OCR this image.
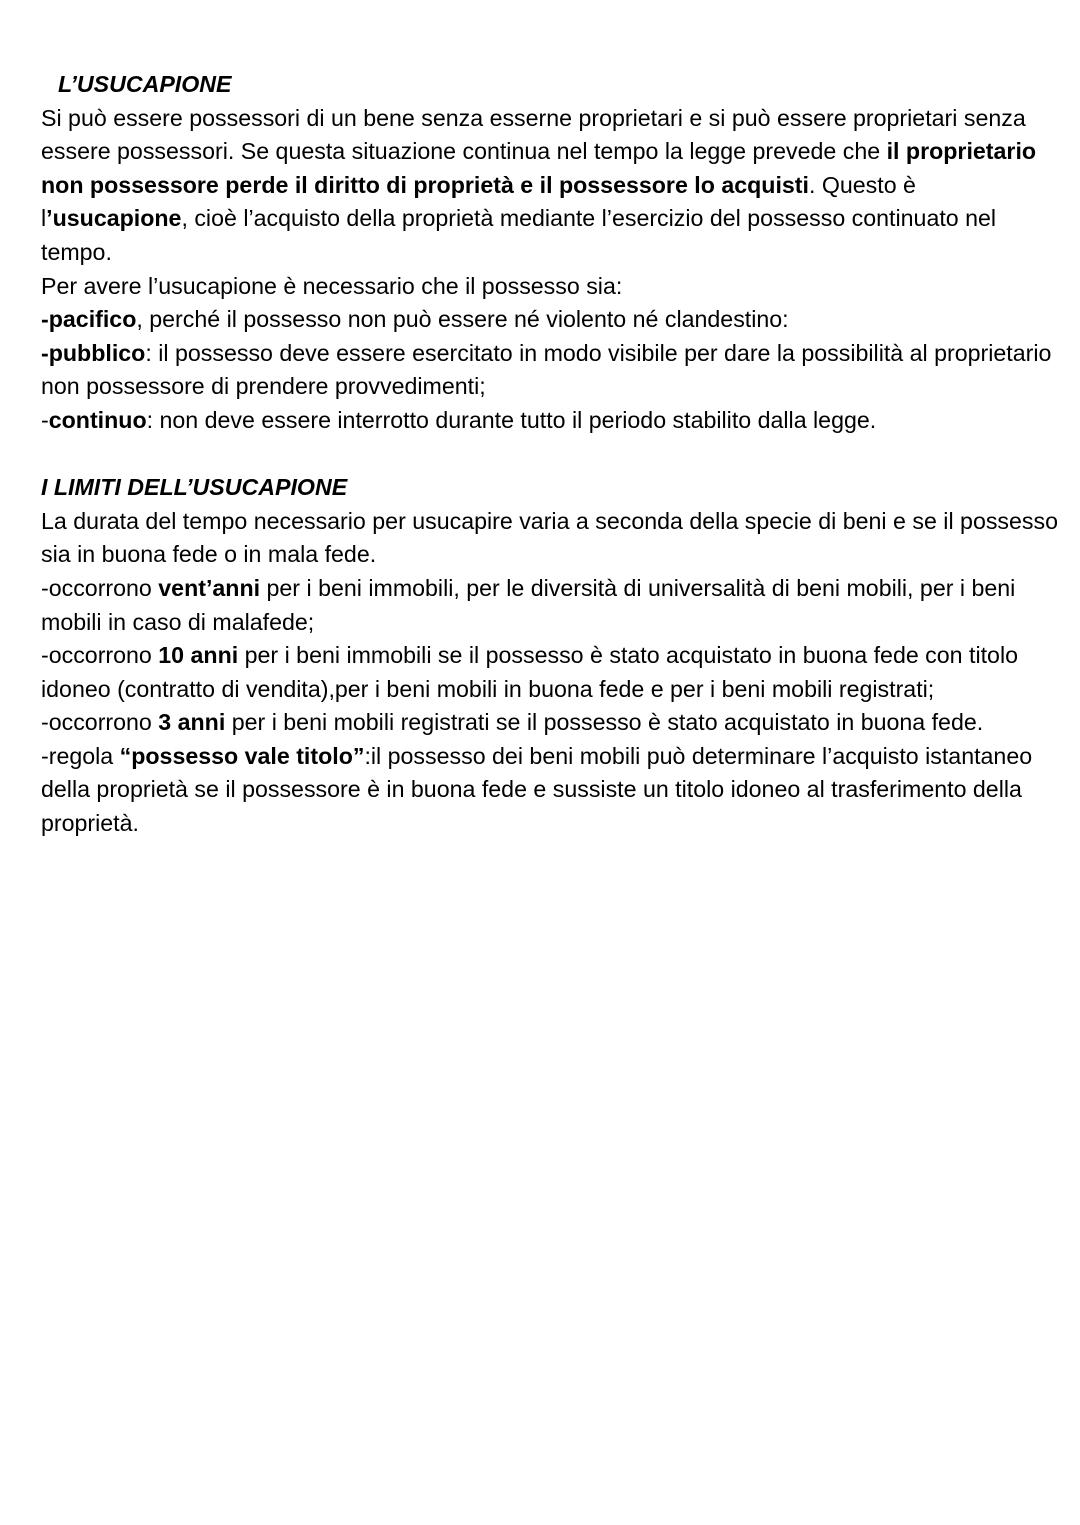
L’USUCAPIONE

Si può essere possessori di un bene senza esserne proprietari e si può essere proprietari senza essere possessori. Se questa situazione continua nel tempo la legge prevede che il proprietario non possessore perde il diritto di proprietà e il possessore lo acquisti. Questo è l’usucapione, cioè l’acquisto della proprietà mediante l’esercizio del possesso continuato nel tempo.

Per avere l’usucapione è necessario che il possesso sia:

-pacifico, perché il possesso non può essere né violento né clandestino:

-pubblico: il possesso deve essere esercitato in modo visibile per dare la possibilità al proprietario non possessore di prendere provvedimenti;

-continuo: non deve essere interrotto durante tutto il periodo stabilito dalla legge.

I LIMITI DELL’USUCAPIONE

La durata del tempo necessario per usucapire varia a seconda della specie di beni e se il possesso sia in buona fede o in mala fede.

-occorrono vent’anni per i beni immobili, per le diversità di universalità di beni mobili, per i beni mobili in caso di malafede;

-occorrono 10 anni per i beni immobili se il possesso è stato acquistato in buona fede con titolo idoneo (contratto di vendita),per i beni mobili in buona fede e per i beni mobili registrati;

-occorrono 3 anni per i beni mobili registrati se il possesso è stato acquistato in buona fede.

-regola “possesso vale titolo”:il possesso dei beni mobili può determinare l’acquisto istantaneo della proprietà se il possessore è in buona fede e sussiste un titolo idoneo al trasferimento della proprietà.
